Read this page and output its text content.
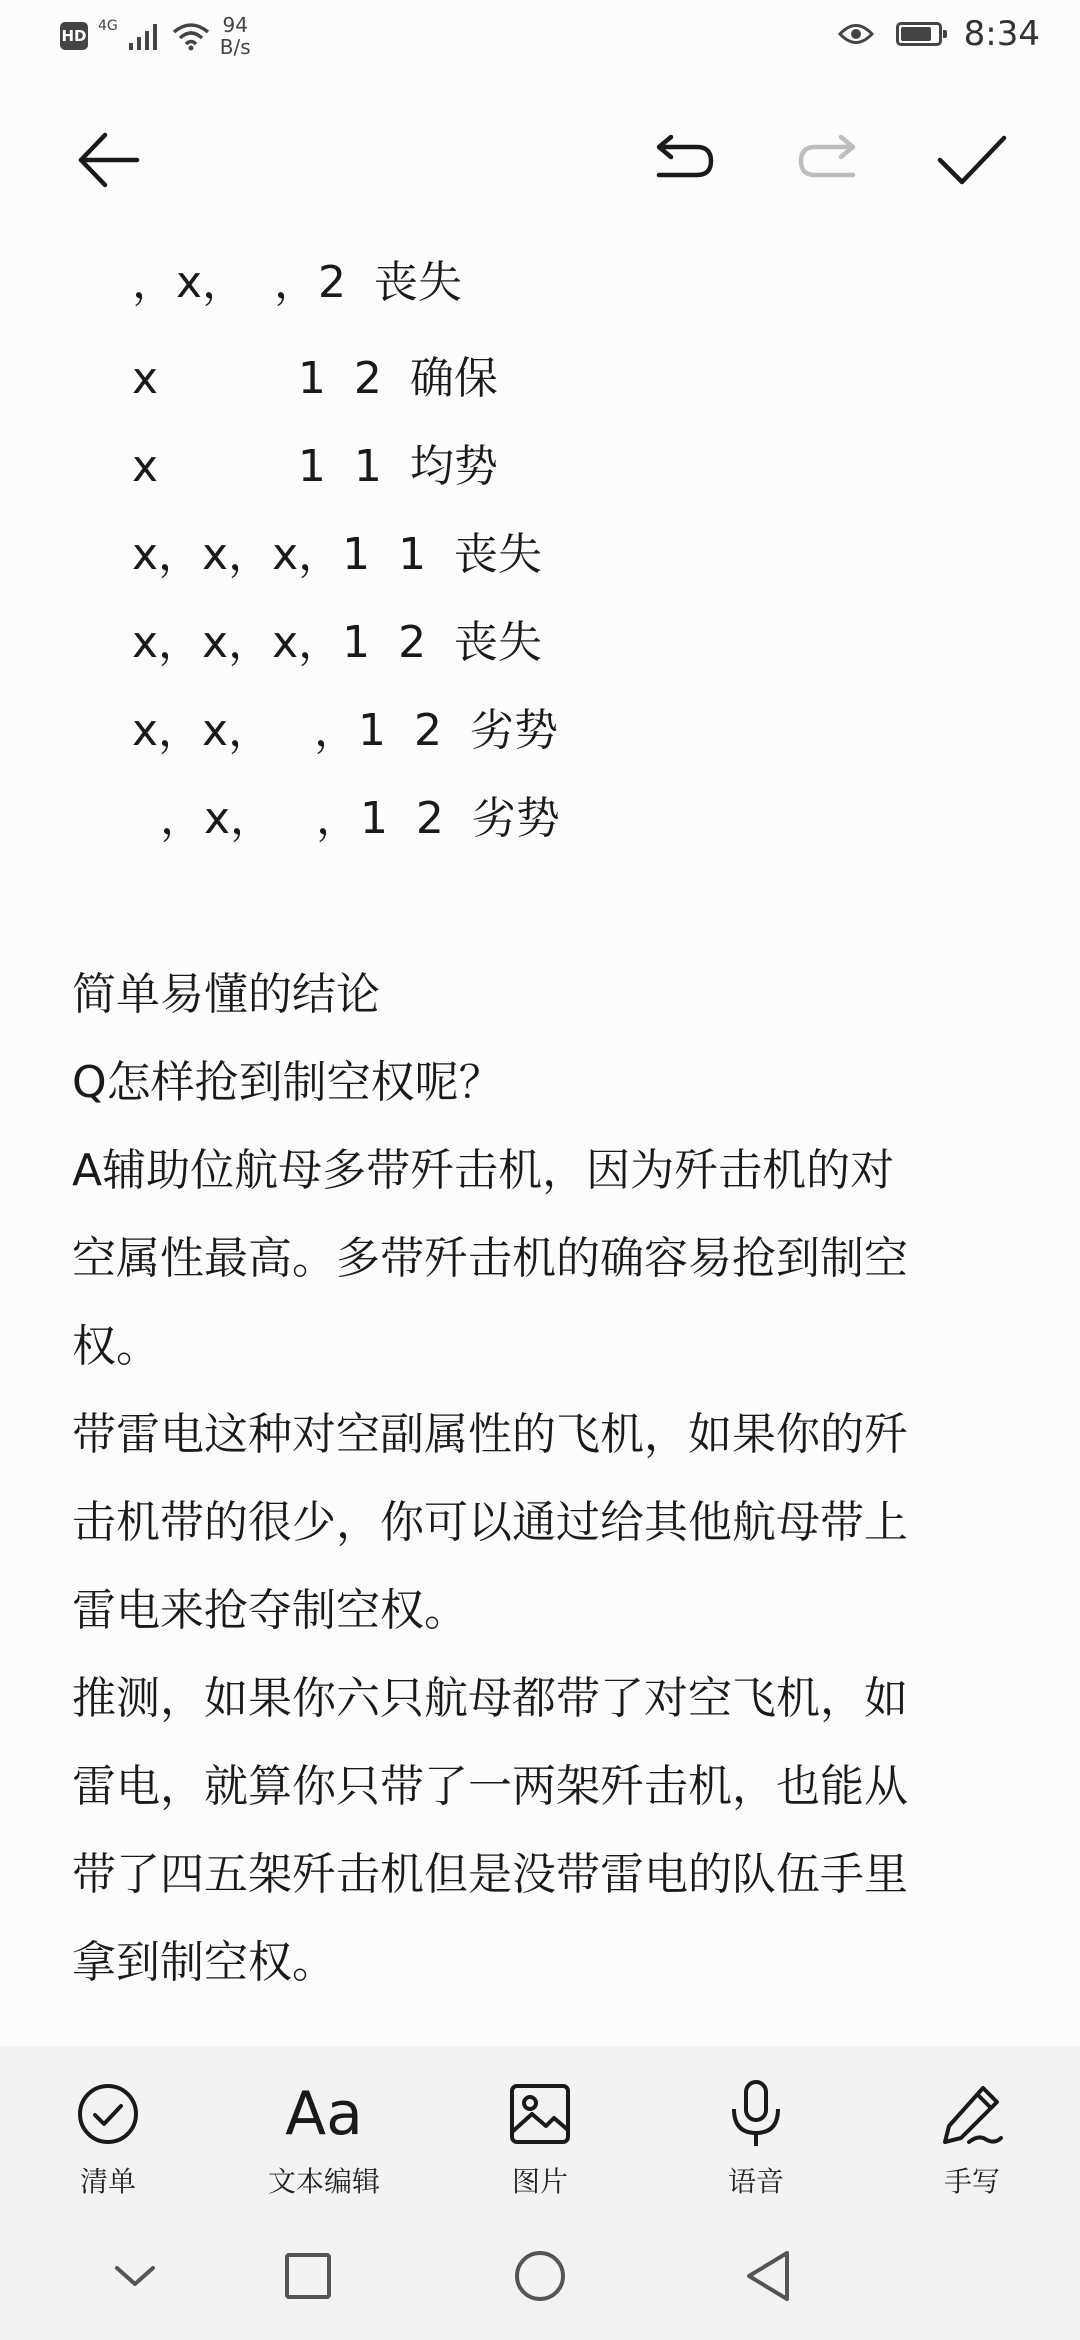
HD
4G	94
B/s	8:34

，x，  ，2  丧失

x          1  2  确保
x          1  1  均势
x，x，x，1  1  丧失
x，x，x，1  2  丧失
x，x，   ，1  2  劣势
，x，   ，1  2  劣势
简单易懂的结论
Q怎样抢到制空权呢？
A辅助位航母多带歼击机，因为歼击机的对
空属性最高。多带歼击机的确容易抢到制空
权。
带雷电这种对空副属性的飞机，如果你的歼
击机带的很少，你可以通过给其他航母带上
雷电来抢夺制空权。
推测，如果你六只航母都带了对空飞机，如
雷电，就算你只带了一两架歼击机，也能从
带了四五架歼击机但是没带雷电的队伍手里
拿到制空权。
清单
Aa
文本编辑	图片	语音	手写
